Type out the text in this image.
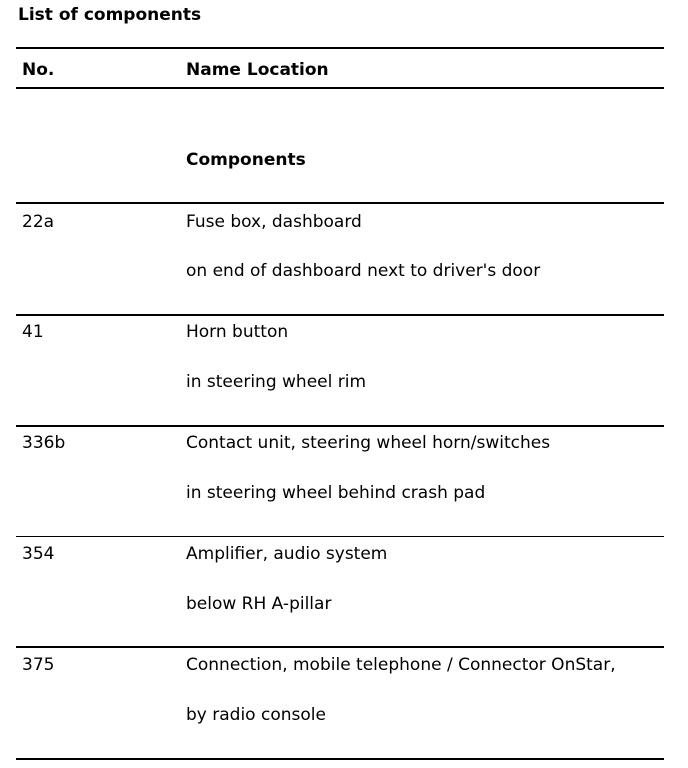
List of components
No.	Name Location
Components
22a	Fuse box, dashboard
on end of dashboard next to driver's door
41	Horn button
in steering wheel rim
336b	Contact unit, steering wheel horn/switches
in steering wheel behind crash pad
354	Amplifier, audio system
below RH A-pillar
375	Connection, mobile telephone / Connector OnStar,
by radio console
